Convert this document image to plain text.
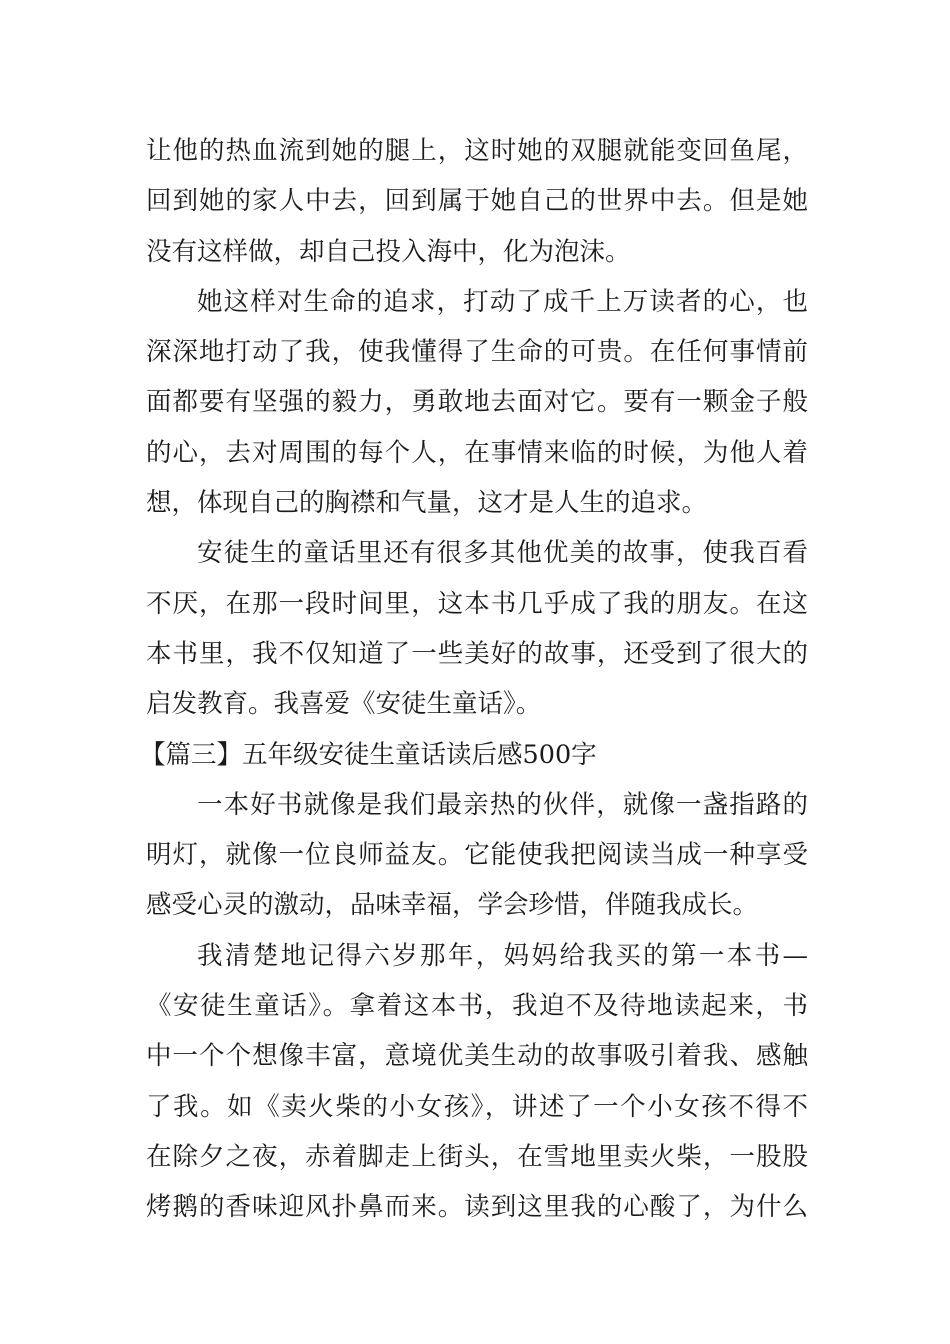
让他的热血流到她的腿上，这时她的双腿就能变回鱼尾，
回到她的家人中去，回到属于她自己的世界中去。但是她
没有这样做，却自己投入海中，化为泡沫。
她这样对生命的追求，打动了成千上万读者的心，也
深深地打动了我，使我懂得了生命的可贵。在任何事情前
面都要有坚强的毅力，勇敢地去面对它。要有一颗金子般
的心，去对周围的每个人，在事情来临的时候，为他人着
想，体现自己的胸襟和气量，这才是人生的追求。
安徒生的童话里还有很多其他优美的故事，使我百看
不厌，在那一段时间里，这本书几乎成了我的朋友。在这
本书里，我不仅知道了一些美好的故事，还受到了很大的
启发教育。我喜爱《安徒生童话》。
【篇三】五年级安徒生童话读后感500字
一本好书就像是我们最亲热的伙伴，就像一盏指路的
明灯，就像一位良师益友。它能使我把阅读当成一种享受
感受心灵的激动，品味幸福，学会珍惜，伴随我成长。
我清楚地记得六岁那年，妈妈给我买的第一本书—
《安徒生童话》。拿着这本书，我迫不及待地读起来，书
中一个个想像丰富，意境优美生动的故事吸引着我、感触
了我。如《卖火柴的小女孩》，讲述了一个小女孩不得不
在除夕之夜，赤着脚走上街头，在雪地里卖火柴，一股股
烤鹅的香味迎风扑鼻而来。读到这里我的心酸了，为什么
